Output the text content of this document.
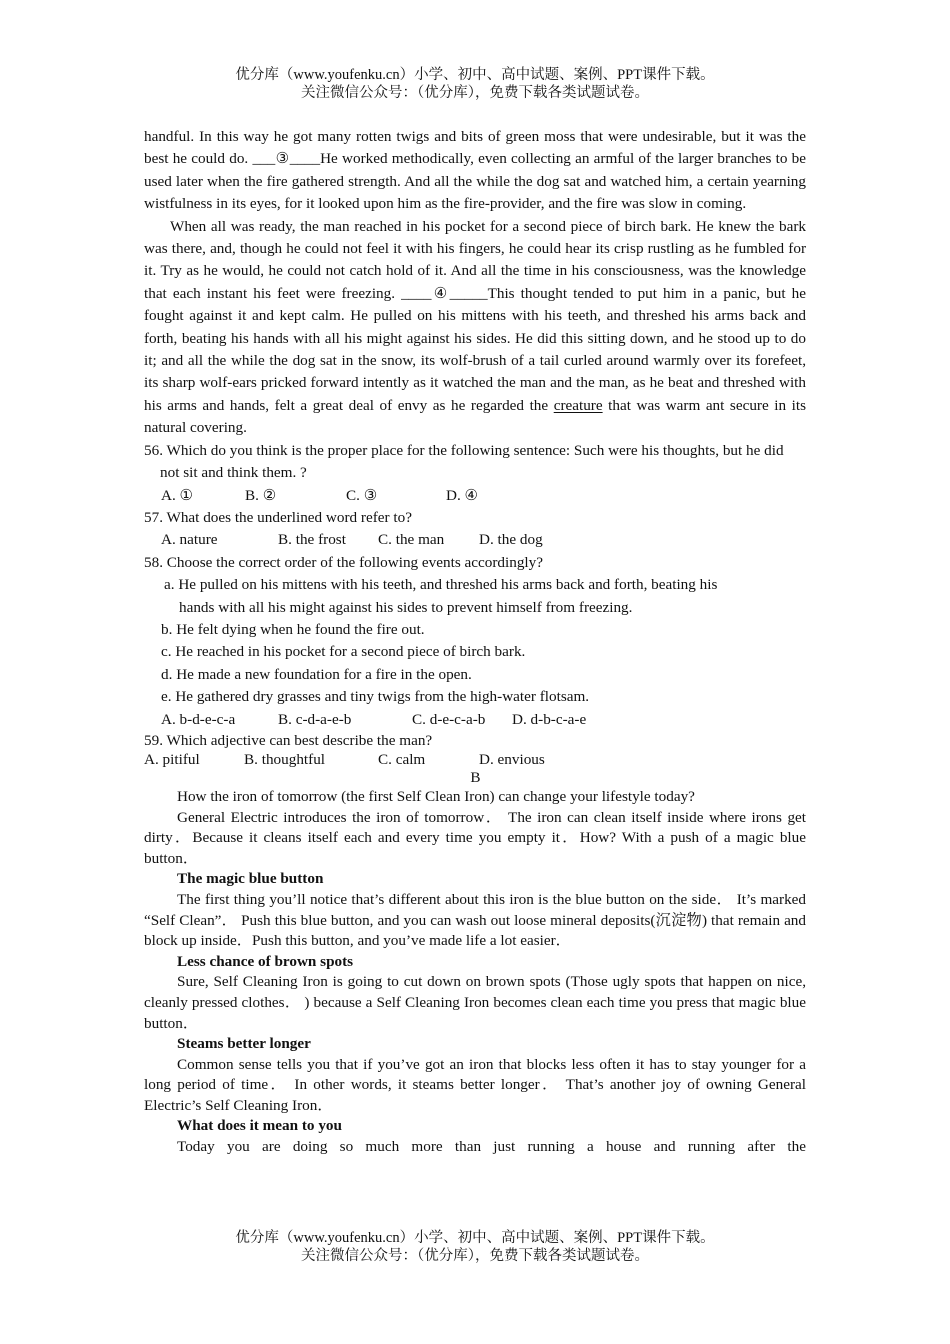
优分库（www.youfenku.cn）小学、初中、高中试题、案例、PPT课件下载。
关注微信公众号：（优分库），免费下载各类试题试卷。

handful. In this way he got many rotten twigs and bits of green moss that were undesirable, but it was the best he could do. ___③____He worked methodically, even collecting an armful of the larger branches to be used later when the fire gathered strength. And all the while the dog sat and watched him, a certain yearning wistfulness in its eyes, for it looked upon him as the fire-provider, and the fire was slow in coming.

When all was ready, the man reached in his pocket for a second piece of birch bark. He knew the bark was there, and, though he could not feel it with his fingers, he could hear its crisp rustling as he fumbled for it. Try as he would, he could not catch hold of it. And all the time in his consciousness, was the knowledge that each instant his feet were freezing. ____④_____This thought tended to put him in a panic, but he fought against it and kept calm. He pulled on his mittens with his teeth, and threshed his arms back and forth, beating his hands with all his might against his sides. He did this sitting down, and he stood up to do it; and all the while the dog sat in the snow, its wolf-brush of a tail curled around warmly over its forefeet, its sharp wolf-ears pricked forward intently as it watched the man and the man, as he beat and threshed with his arms and hands, felt a great deal of envy as he regarded the creature that was warm ant secure in its natural covering.

56. Which do you think is the proper place for the following sentence: Such were his thoughts, but he did not sit and think them. ?

A. ①	B. ②	C. ③	D. ④

57. What does the underlined word refer to?

A. nature	B. the frost	C. the man	D. the dog

58. Choose the correct order of the following events accordingly?

a. He pulled on his mittens with his teeth, and threshed his arms back and forth, beating his
hands with all his might against his sides to prevent himself from freezing.
b. He felt dying when he found the fire out.
c. He reached in his pocket for a second piece of birch bark.
d. He made a new foundation for a fire in the open.
e. He gathered dry grasses and tiny twigs from the high-water flotsam.
A. b-d-e-c-a	B. c-d-a-e-b	C. d-e-c-a-b	D. d-b-c-a-e

59. Which adjective can best describe the man?

A. pitiful	B. thoughtful	C. calm	D. envious

B

How the iron of tomorrow (the first Self Clean Iron) can change your lifestyle today?

General Electric introduces the iron of tomorrow． The iron can clean itself inside where irons get dirty．Because it cleans itself each and every time you empty it．How? With a push of a magic blue button．

The magic blue button

The first thing you’ll notice that’s different about this iron is the blue button on the side． It’s marked “Self Clean”． Push this blue button, and you can wash out loose mineral deposits(沉淀物) that remain and block up inside．Push this button, and you’ve made life a lot easier．

Less chance of brown spots

Sure, Self Cleaning Iron is going to cut down on brown spots (Those ugly spots that happen on nice, cleanly pressed clothes． ) because a Self Cleaning Iron becomes clean each time you press that magic blue button．

Steams better longer

Common sense tells you that if you’ve got an iron that blocks less often it has to stay younger for a long period of time． In other words, it steams better longer． That’s another joy of owning General Electric’s Self Cleaning Iron．

What does it mean to you

Today you are doing so much more than just running a house and running after the

优分库（www.youfenku.cn）小学、初中、高中试题、案例、PPT课件下载。
关注微信公众号：（优分库），免费下载各类试题试卷。
